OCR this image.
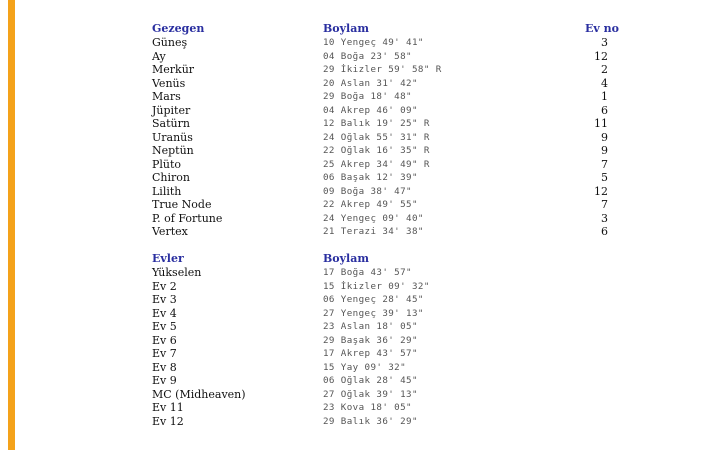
Gezegen	Boylam	Ev no
Güneş	10 Yengeç 49' 41"	3
Ay	04 Boğa 23' 58"	12
Merkür	29 İkizler 59' 58" R	2
Venüs	20 Aslan 31' 42"	4
Mars	29 Boğa 18' 48"	1
Jüpiter	04 Akrep 46' 09"	6
Satürn	12 Balık 19' 25" R	11
Uranüs	24 Oğlak 55' 31" R	9
Neptün	22 Oğlak 16' 35" R	9
Plüto	25 Akrep 34' 49" R	7
Chiron	06 Başak 12' 39"	5
Lilith	09 Boğa 38' 47"	12
True Node	22 Akrep 49' 55"	7
P. of Fortune	24 Yengeç 09' 40"	3
Vertex	21 Terazi 34' 38"	6
Evler	Boylam
Yükselen	17 Boğa 43' 57"
Ev 2	15 İkizler 09' 32"
Ev 3	06 Yengeç 28' 45"
Ev 4	27 Yengeç 39' 13"
Ev 5	23 Aslan 18' 05"
Ev 6	29 Başak 36' 29"
Ev 7	17 Akrep 43' 57"
Ev 8	15 Yay 09' 32"
Ev 9	06 Oğlak 28' 45"
MC (Midheaven)	27 Oğlak 39' 13"
Ev 11	23 Kova 18' 05"
Ev 12	29 Balık 36' 29"
